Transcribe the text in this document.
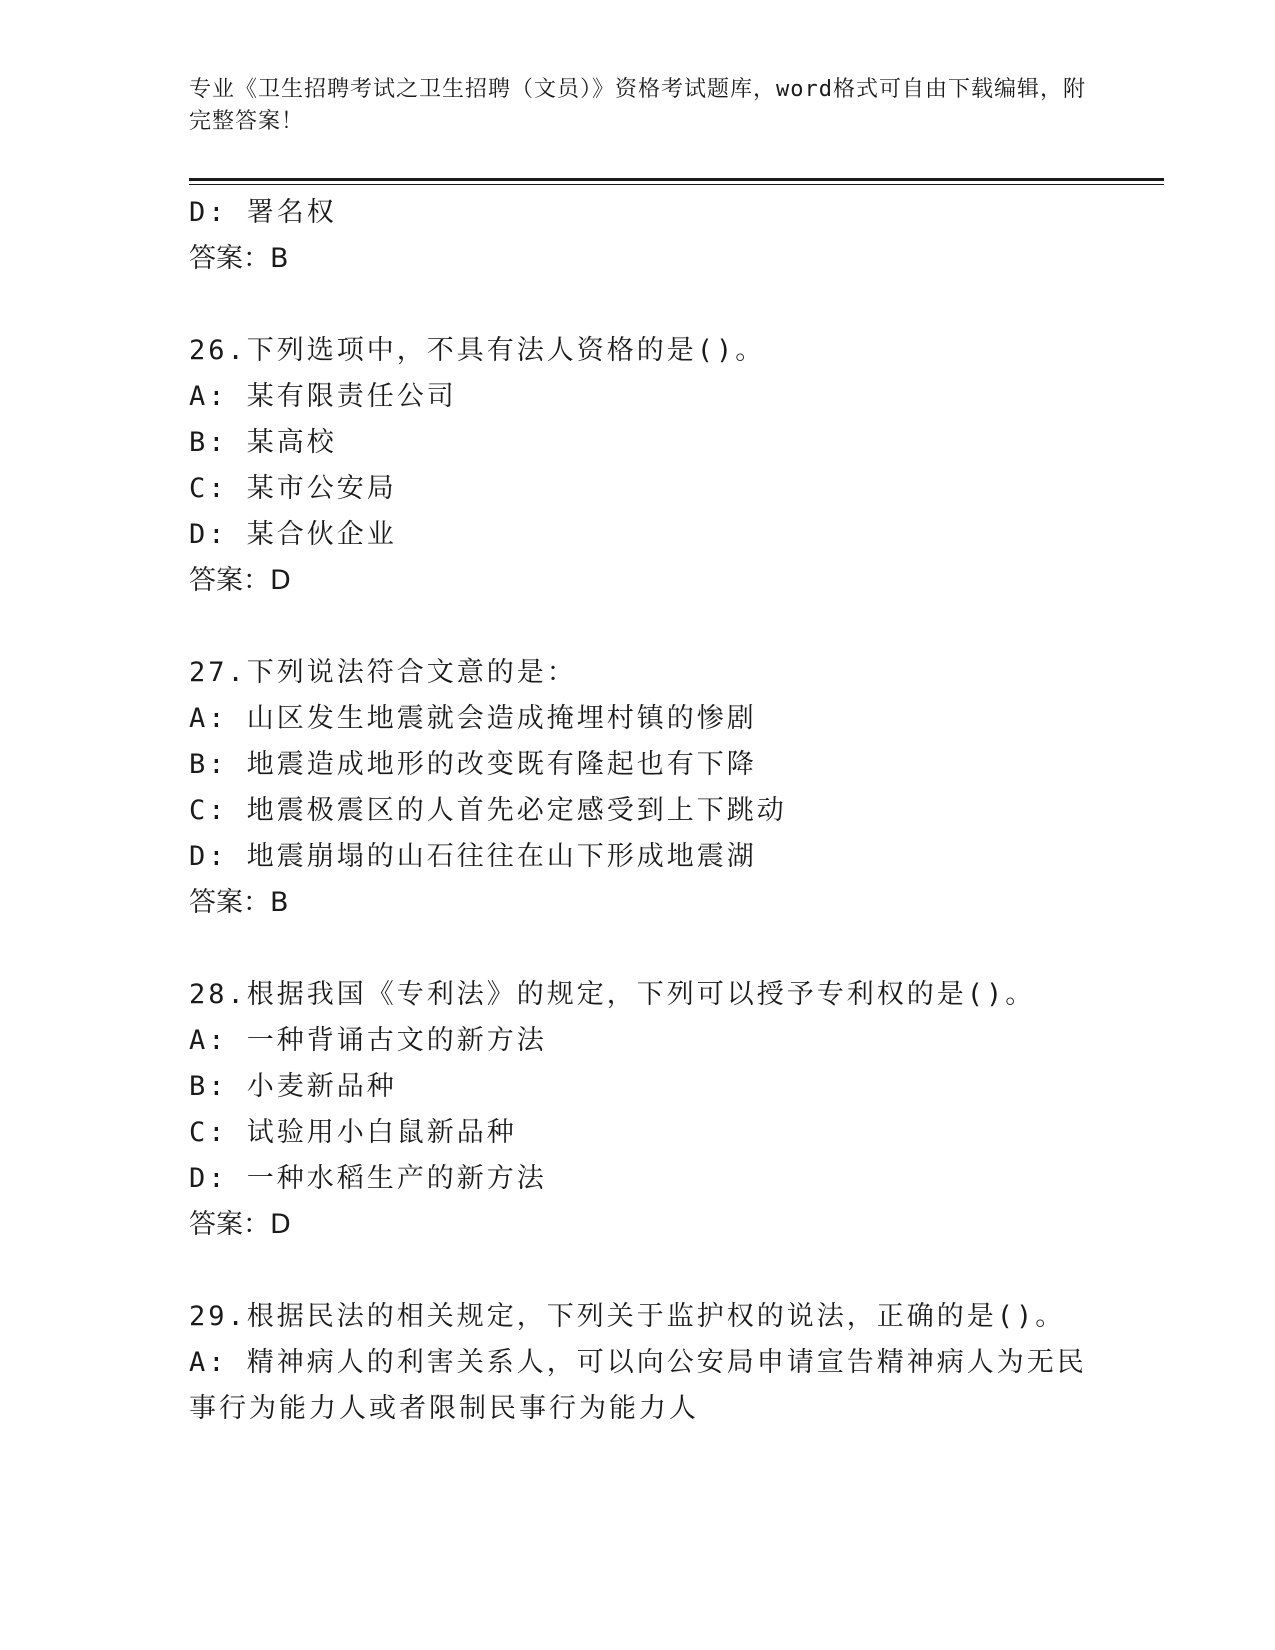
专业《卫生招聘考试之卫生招聘（文员）》资格考试题库，word格式可自由下载编辑，附完整答案！
D: 署名权
答案：B
26.下列选项中，不具有法人资格的是()。
A: 某有限责任公司
B: 某高校
C: 某市公安局
D: 某合伙企业
答案：D
27.下列说法符合文意的是：
A: 山区发生地震就会造成掩埋村镇的惨剧
B: 地震造成地形的改变既有隆起也有下降
C: 地震极震区的人首先必定感受到上下跳动
D: 地震崩塌的山石往往在山下形成地震湖
答案：B
28.根据我国《专利法》的规定，下列可以授予专利权的是()。
A: 一种背诵古文的新方法
B: 小麦新品种
C: 试验用小白鼠新品种
D: 一种水稻生产的新方法
答案：D
29.根据民法的相关规定，下列关于监护权的说法，正确的是()。
A: 精神病人的利害关系人，可以向公安局申请宣告精神病人为无民事行为能力人或者限制民事行为能力人
